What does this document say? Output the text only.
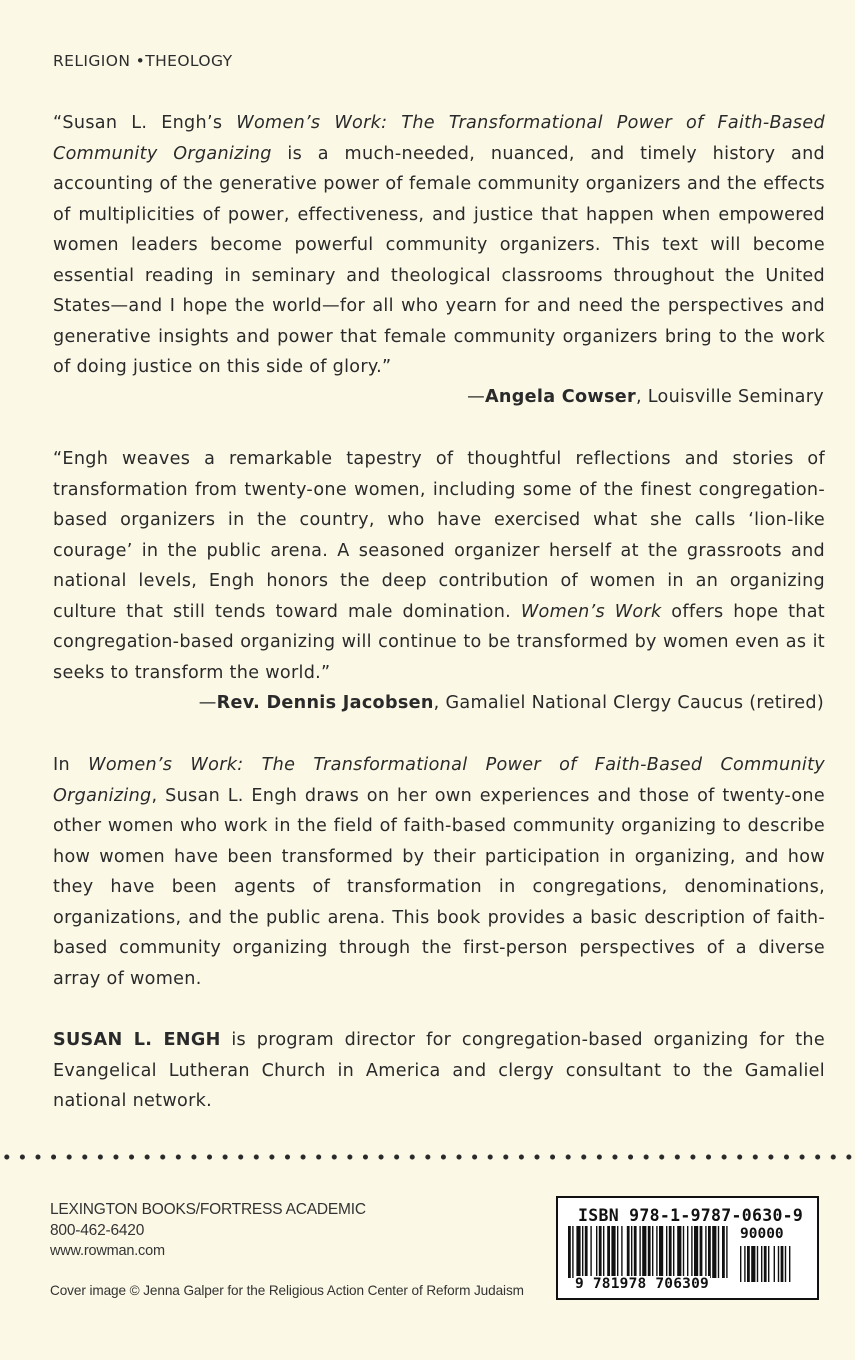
RELIGION •THEOLOGY

“Susan L. Engh’s Women’s Work: The Transformational Power of Faith-Based Community Organizing is a much-needed, nuanced, and timely history and accounting of the generative power of female community organizers and the effects of multiplicities of power, effectiveness, and justice that happen when empowered women leaders become powerful community organizers. This text will become essential reading in seminary and theological classrooms throughout the United States—and I hope the world—for all who yearn for and need the perspectives and generative insights and power that female community organizers bring to the work of doing justice on this side of glory.”

—Angela Cowser, Louisville Seminary

“Engh weaves a remarkable tapestry of thoughtful reflections and stories of transformation from twenty-one women, including some of the finest congregation-based organizers in the country, who have exercised what she calls ‘lion-like courage’ in the public arena. A seasoned organizer herself at the grassroots and national levels, Engh honors the deep contribution of women in an organizing culture that still tends toward male domination. Women’s Work offers hope that congregation-based organizing will continue to be transformed by women even as it seeks to transform the world.”

—Rev. Dennis Jacobsen, Gamaliel National Clergy Caucus (retired)

In Women’s Work: The Transformational Power of Faith-Based Community Organizing, Susan L. Engh draws on her own experiences and those of twenty-one other women who work in the field of faith-based community organizing to describe how women have been transformed by their participation in organizing, and how they have been agents of transformation in congregations, denominations, organizations, and the public arena. This book provides a basic description of faith-based community organizing through the first-person perspectives of a diverse array of women.

SUSAN L. ENGH is program director for congregation-based organizing for the Evangelical Lutheran Church in America and clergy consultant to the Gamaliel national network.

LEXINGTON BOOKS/FORTRESS ACADEMIC
800-462-6420
www.rowman.com
Cover image © Jenna Galper for the Religious Action Center of Reform Judaism
ISBN 978-1-9787-0630-9
90000
9 781978 706309
